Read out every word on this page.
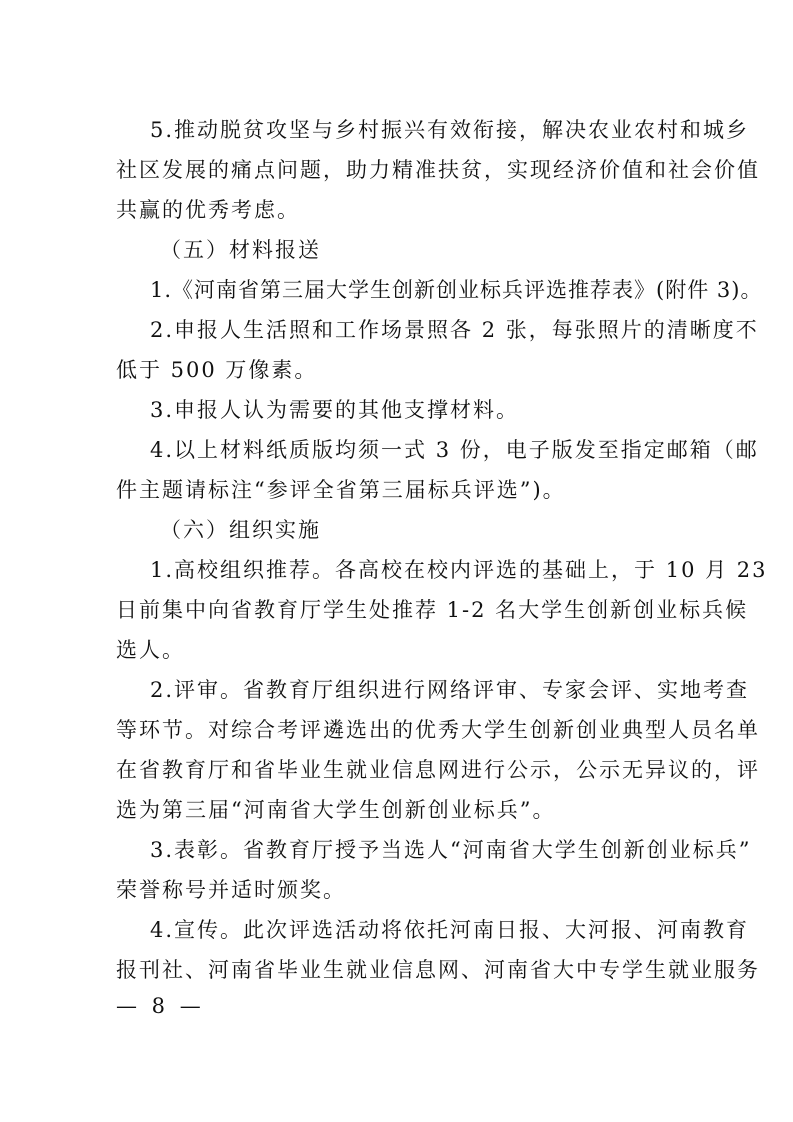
5.推动脱贫攻坚与乡村振兴有效衔接，解决农业农村和城乡
社区发展的痛点问题，助力精准扶贫，实现经济价值和社会价值
共赢的优秀考虑。
（五）材料报送
1.《河南省第三届大学生创新创业标兵评选推荐表》(附件 3)。
2.申报人生活照和工作场景照各 2 张，每张照片的清晰度不
低于 500 万像素。
3.申报人认为需要的其他支撑材料。
4.以上材料纸质版均须一式 3 份，电子版发至指定邮箱（邮
件主题请标注“参评全省第三届标兵评选”)。
（六）组织实施
1.高校组织推荐。各高校在校内评选的基础上，于 10 月 23
日前集中向省教育厅学生处推荐 1-2 名大学生创新创业标兵候
选人。
2.评审。省教育厅组织进行网络评审、专家会评、实地考查
等环节。对综合考评遴选出的优秀大学生创新创业典型人员名单
在省教育厅和省毕业生就业信息网进行公示，公示无异议的，评
选为第三届“河南省大学生创新创业标兵”。
3.表彰。省教育厅授予当选人“河南省大学生创新创业标兵”
荣誉称号并适时颁奖。
4.宣传。此次评选活动将依托河南日报、大河报、河南教育
报刊社、河南省毕业生就业信息网、河南省大中专学生就业服务
— 8 —
